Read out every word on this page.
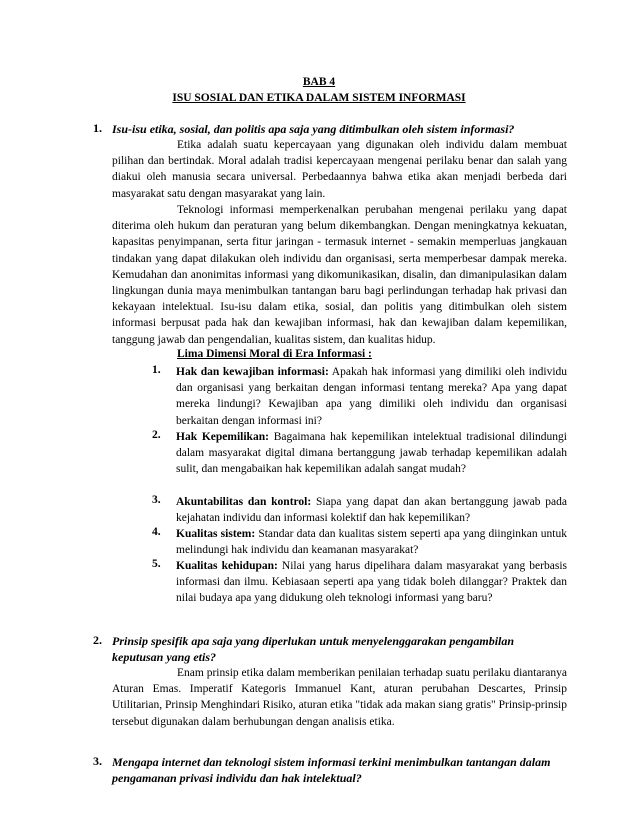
BAB 4
ISU SOSIAL DAN ETIKA DALAM SISTEM INFORMASI
1. Isu-isu etika, sosial, dan politis apa saja yang ditimbulkan oleh sistem informasi?

Etika adalah suatu kepercayaan yang digunakan oleh individu dalam membuat pilihan dan bertindak. Moral adalah tradisi kepercayaan mengenai perilaku benar dan salah yang diakui oleh manusia secara universal. Perbedaannya bahwa etika akan menjadi berbeda dari masyarakat satu dengan masyarakat yang lain.

Teknologi informasi memperkenalkan perubahan mengenai perilaku yang dapat diterima oleh hukum dan peraturan yang belum dikembangkan. Dengan meningkatnya kekuatan, kapasitas penyimpanan, serta fitur jaringan - termasuk internet - semakin memperluas jangkauan tindakan yang dapat dilakukan oleh individu dan organisasi, serta memperbesar dampak mereka. Kemudahan dan anonimitas informasi yang dikomunikasikan, disalin, dan dimanipulasikan dalam lingkungan dunia maya menimbulkan tantangan baru bagi perlindungan terhadap hak privasi dan kekayaan intelektual. Isu-isu dalam etika, sosial, dan politis yang ditimbulkan oleh sistem informasi berpusat pada hak dan kewajiban informasi, hak dan kewajiban dalam kepemilikan, tanggung jawab dan pengendalian, kualitas sistem, dan kualitas hidup.

Lima Dimensi Moral di Era Informasi :
1. Hak dan kewajiban informasi: Apakah hak informasi yang dimiliki oleh individu dan organisasi yang berkaitan dengan informasi tentang mereka? Apa yang dapat mereka lindungi? Kewajiban apa yang dimiliki oleh individu dan organisasi berkaitan dengan informasi ini?

2. Hak Kepemilikan: Bagaimana hak kepemilikan intelektual tradisional dilindungi dalam masyarakat digital dimana bertanggung jawab terhadap kepemilikan adalah sulit, dan mengabaikan hak kepemilikan adalah sangat mudah?

3. Akuntabilitas dan kontrol: Siapa yang dapat dan akan bertanggung jawab pada kejahatan individu dan informasi kolektif dan hak kepemilikan?

4. Kualitas sistem: Standar data dan kualitas sistem seperti apa yang diinginkan untuk melindungi hak individu dan keamanan masyarakat?

5. Kualitas kehidupan: Nilai yang harus dipelihara dalam masyarakat yang berbasis informasi dan ilmu. Kebiasaan seperti apa yang tidak boleh dilanggar? Praktek dan nilai budaya apa yang didukung oleh teknologi informasi yang baru?

2. Prinsip spesifik apa saja yang diperlukan untuk menyelenggarakan pengambilan keputusan yang etis?

Enam prinsip etika dalam memberikan penilaian terhadap suatu perilaku diantaranya Aturan Emas. Imperatif Kategoris Immanuel Kant, aturan perubahan Descartes, Prinsip Utilitarian, Prinsip Menghindari Risiko, aturan etika "tidak ada makan siang gratis" Prinsip-prinsip tersebut digunakan dalam berhubungan dengan analisis etika.

3. Mengapa internet dan teknologi sistem informasi terkini menimbulkan tantangan dalam pengamanan privasi individu dan hak intelektual?
